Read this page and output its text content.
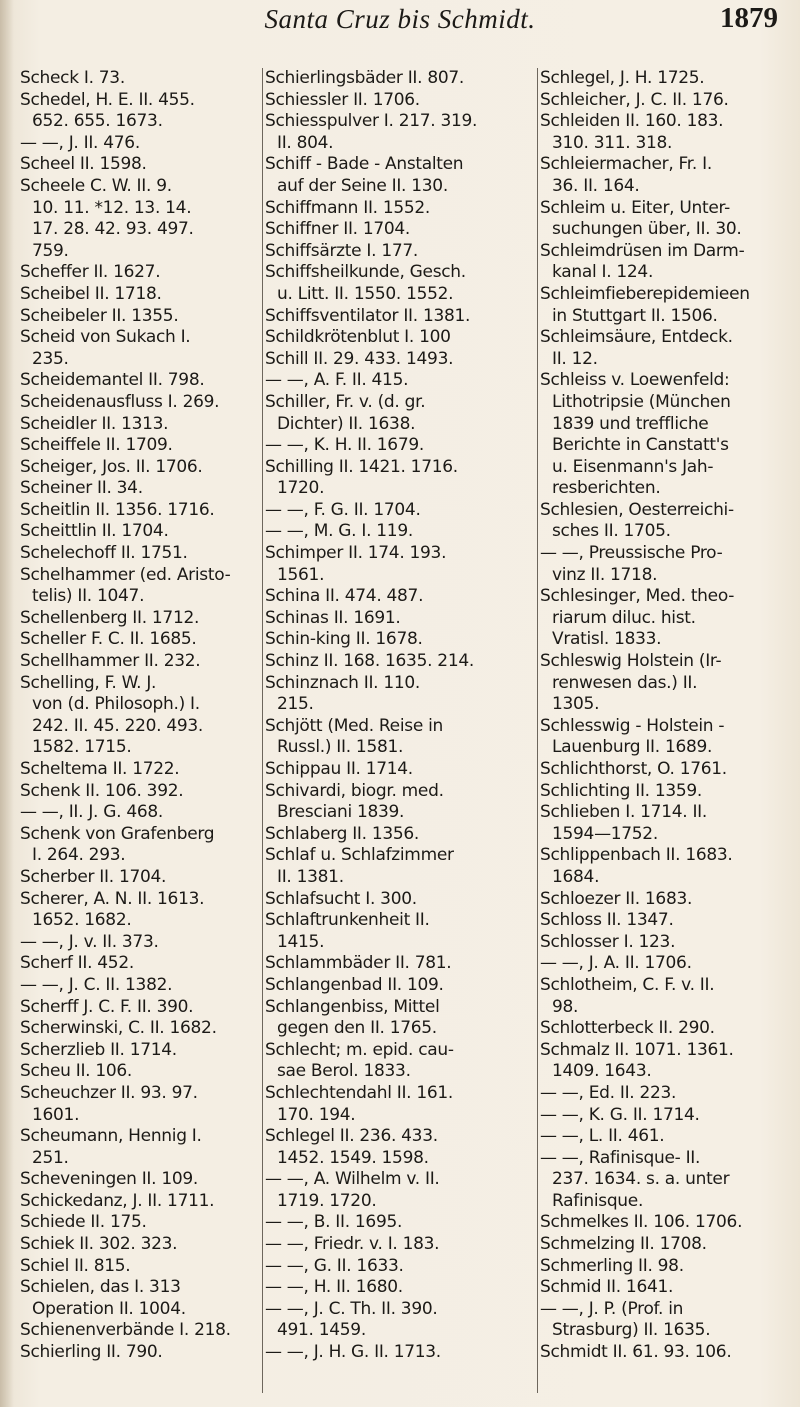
Santa Cruz bis Schmidt.	1879
Scheck I. 73.
Schedel, H. E. II. 455.
652. 655. 1673.
— —, J. II. 476.
Scheel II. 1598.
Scheele C. W. II. 9.
10. 11. *12. 13. 14.
17. 28. 42. 93. 497.
759.
Scheffer II. 1627.
Scheibel II. 1718.
Scheibeler II. 1355.
Scheid von Sukach I.
235.
Scheidemantel II. 798.
Scheidenausfluss I. 269.
Scheidler II. 1313.
Scheiffele II. 1709.
Scheiger, Jos. II. 1706.
Scheiner II. 34.
Scheitlin II. 1356. 1716.
Scheittlin II. 1704.
Schelechoff II. 1751.
Schelhammer (ed. Aristo-
telis) II. 1047.
Schellenberg II. 1712.
Scheller F. C. II. 1685.
Schellhammer II. 232.
Schelling, F. W. J.
von (d. Philosoph.) I.
242. II. 45. 220. 493.
1582. 1715.
Scheltema II. 1722.
Schenk II. 106. 392.
— —, II. J. G. 468.
Schenk von Grafenberg
I. 264. 293.
Scherber II. 1704.
Scherer, A. N. II. 1613.
1652. 1682.
— —, J. v. II. 373.
Scherf II. 452.
— —, J. C. II. 1382.
Scherff J. C. F. II. 390.
Scherwinski, C. II. 1682.
Scherzlieb II. 1714.
Scheu II. 106.
Scheuchzer II. 93. 97.
1601.
Scheumann, Hennig I.
251.
Scheveningen II. 109.
Schickedanz, J. II. 1711.
Schiede II. 175.
Schiek II. 302. 323.
Schiel II. 815.
Schielen, das I. 313
Operation II. 1004.
Schienenverbände I. 218.
Schierling II. 790.
Schierlingsbäder II. 807.
Schiessler II. 1706.
Schiesspulver I. 217. 319.
II. 804.
Schiff - Bade - Anstalten
auf der Seine II. 130.
Schiffmann II. 1552.
Schiffner II. 1704.
Schiffsärzte I. 177.
Schiffsheilkunde, Gesch.
u. Litt. II. 1550. 1552.
Schiffsventilator II. 1381.
Schildkrötenblut I. 100
Schill II. 29. 433. 1493.
— —, A. F. II. 415.
Schiller, Fr. v. (d. gr.
Dichter) II. 1638.
— —, K. H. II. 1679.
Schilling II. 1421. 1716.
1720.
— —, F. G. II. 1704.
— —, M. G. I. 119.
Schimper II. 174. 193.
1561.
Schina II. 474. 487.
Schinas II. 1691.
Schin-king II. 1678.
Schinz II. 168. 1635. 214.
Schinznach II. 110.
215.
Schjött (Med. Reise in
Russl.) II. 1581.
Schippau II. 1714.
Schivardi, biogr. med.
Bresciani 1839.
Schlaberg II. 1356.
Schlaf u. Schlafzimmer
II. 1381.
Schlafsucht I. 300.
Schlaftrunkenheit II.
1415.
Schlammbäder II. 781.
Schlangenbad II. 109.
Schlangenbiss, Mittel
gegen den II. 1765.
Schlecht; m. epid. cau-
sae Berol. 1833.
Schlechtendahl II. 161.
170. 194.
Schlegel II. 236. 433.
1452. 1549. 1598.
— —, A. Wilhelm v. II.
1719. 1720.
— —, B. II. 1695.
— —, Friedr. v. I. 183.
— —, G. II. 1633.
— —, H. II. 1680.
— —, J. C. Th. II. 390.
491. 1459.
— —, J. H. G. II. 1713.
Schlegel, J. H. 1725.
Schleicher, J. C. II. 176.
Schleiden II. 160. 183.
310. 311. 318.
Schleiermacher, Fr. I.
36. II. 164.
Schleim u. Eiter, Unter-
suchungen über, II. 30.
Schleimdrüsen im Darm-
kanal I. 124.
Schleimfieberepidemieen
in Stuttgart II. 1506.
Schleimsäure, Entdeck.
II. 12.
Schleiss v. Loewenfeld:
Lithotripsie (München
1839 und treffliche
Berichte in Canstatt's
u. Eisenmann's Jah-
resberichten.
Schlesien, Oesterreichi-
sches II. 1705.
— —, Preussische Pro-
vinz II. 1718.
Schlesinger, Med. theo-
riarum diluc. hist.
Vratisl. 1833.
Schleswig Holstein (Ir-
renwesen das.) II.
1305.
Schlesswig - Holstein -
Lauenburg II. 1689.
Schlichthorst, O. 1761.
Schlichting II. 1359.
Schlieben I. 1714. II.
1594—1752.
Schlippenbach II. 1683.
1684.
Schloezer II. 1683.
Schloss II. 1347.
Schlosser I. 123.
— —, J. A. II. 1706.
Schlotheim, C. F. v. II.
98.
Schlotterbeck II. 290.
Schmalz II. 1071. 1361.
1409. 1643.
— —, Ed. II. 223.
— —, K. G. II. 1714.
— —, L. II. 461.
— —, Rafinisque- II.
237. 1634. s. a. unter
Rafinisque.
Schmelkes II. 106. 1706.
Schmelzing II. 1708.
Schmerling II. 98.
Schmid II. 1641.
— —, J. P. (Prof. in
Strasburg) II. 1635.
Schmidt II. 61. 93. 106.
